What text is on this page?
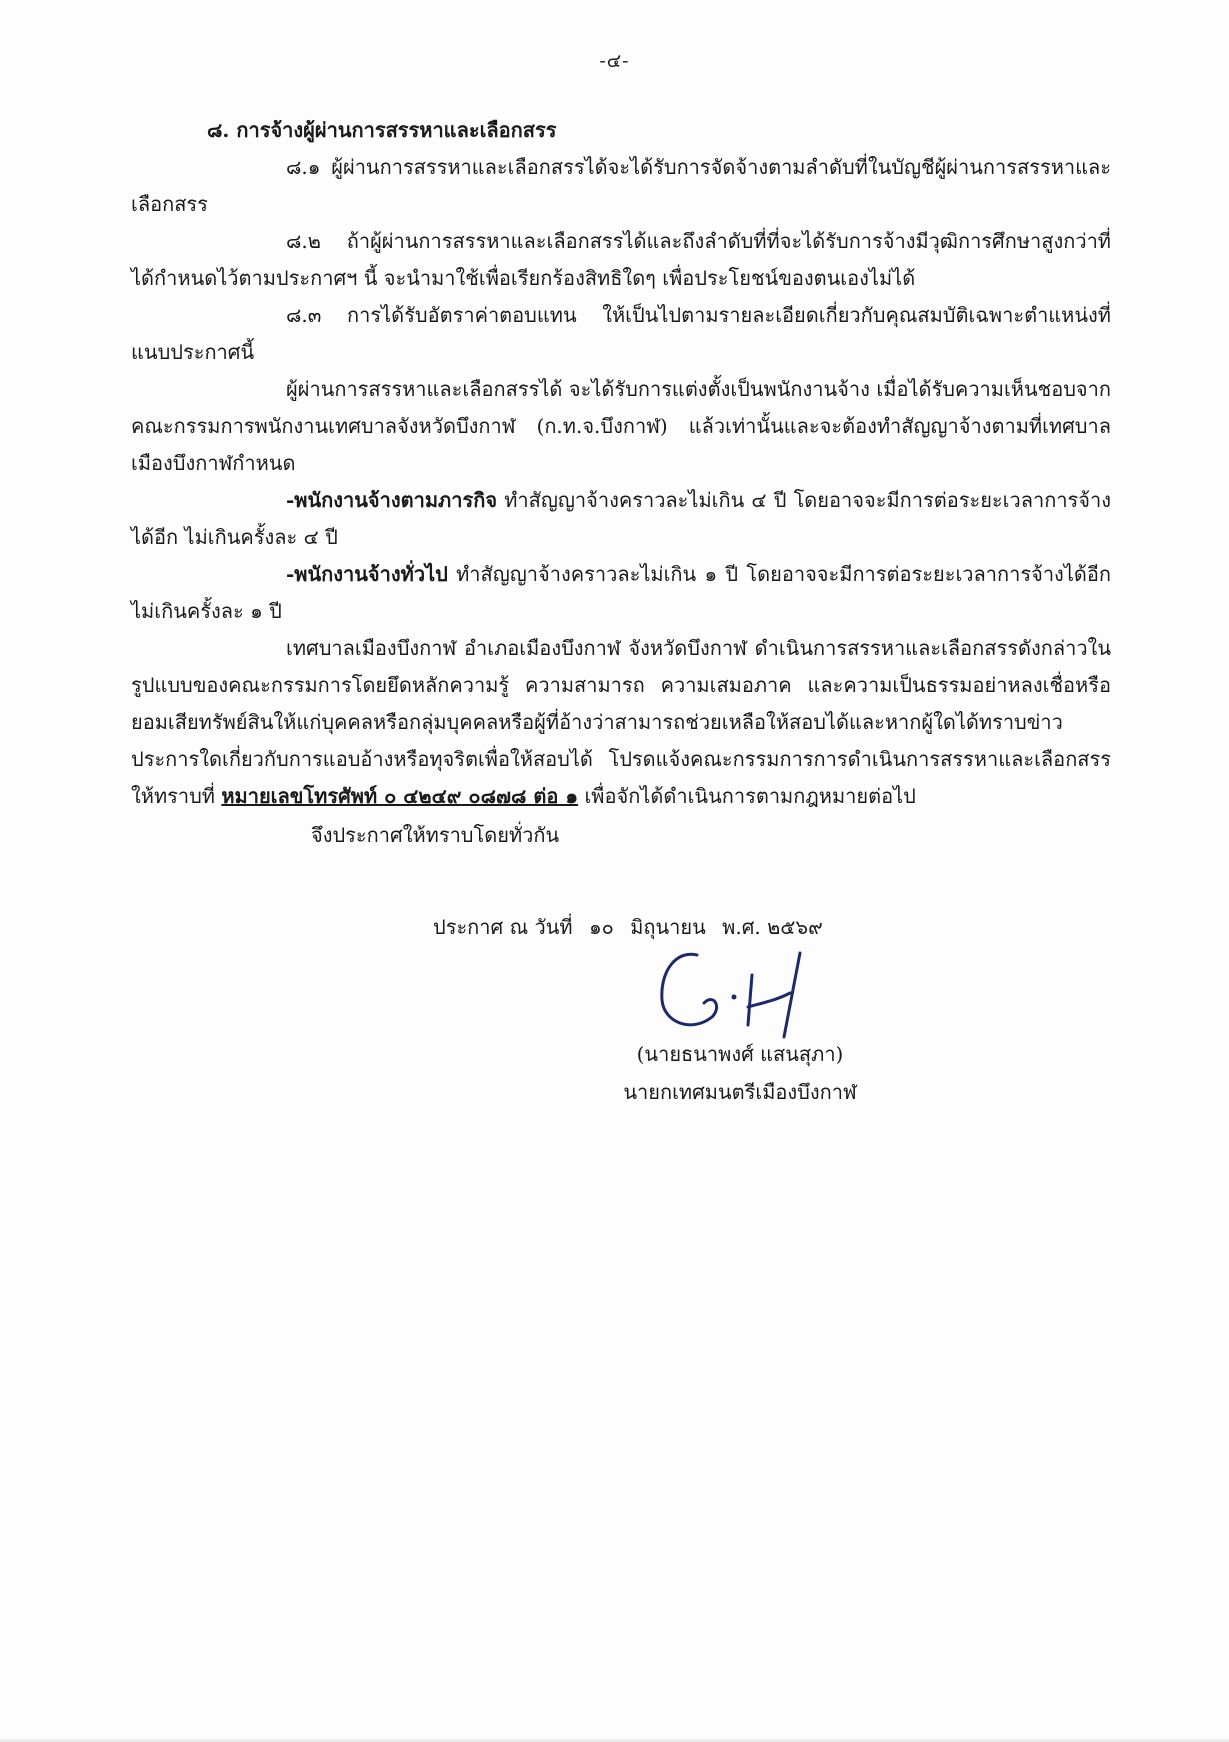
-๔-

๘. การจ้างผู้ผ่านการสรรหาและเลือกสรร

๘.๑ ผู้ผ่านการสรรหาและเลือกสรรได้จะได้รับการจัดจ้างตามลำดับที่ในบัญชีผู้ผ่านการสรรหาและเลือกสรร

๘.๒ ถ้าผู้ผ่านการสรรหาและเลือกสรรได้และถึงลำดับที่ที่จะได้รับการจ้างมีวุฒิการศึกษาสูงกว่าที่ได้กำหนดไว้ตามประกาศฯ นี้ จะนำมาใช้เพื่อเรียกร้องสิทธิใดๆ เพื่อประโยชน์ของตนเองไม่ได้

๘.๓ การได้รับอัตราค่าตอบแทน ให้เป็นไปตามรายละเอียดเกี่ยวกับคุณสมบัติเฉพาะตำแหน่งที่แนบประกาศนี้

ผู้ผ่านการสรรหาและเลือกสรรได้ จะได้รับการแต่งตั้งเป็นพนักงานจ้าง เมื่อได้รับความเห็นชอบจากคณะกรรมการพนักงานเทศบาลจังหวัดบึงกาฬ (ก.ท.จ.บึงกาฬ) แล้วเท่านั้นและจะต้องทำสัญญาจ้างตามที่เทศบาลเมืองบึงกาฬกำหนด

-พนักงานจ้างตามภารกิจ ทำสัญญาจ้างคราวละไม่เกิน ๔ ปี โดยอาจจะมีการต่อระยะเวลาการจ้างได้อีก ไม่เกินครั้งละ ๔ ปี

-พนักงานจ้างทั่วไป ทำสัญญาจ้างคราวละไม่เกิน ๑ ปี โดยอาจจะมีการต่อระยะเวลาการจ้างได้อีก ไม่เกินครั้งละ ๑ ปี

เทศบาลเมืองบึงกาฬ อำเภอเมืองบึงกาฬ จังหวัดบึงกาฬ ดำเนินการสรรหาและเลือกสรรดังกล่าวในรูปแบบของคณะกรรมการโดยยึดหลักความรู้ ความสามารถ ความเสมอภาค และความเป็นธรรมอย่าหลงเชื่อหรือยอมเสียทรัพย์สินให้แก่บุคคลหรือกลุ่มบุคคลหรือผู้ที่อ้างว่าสามารถช่วยเหลือให้สอบได้และหากผู้ใดได้ทราบข่าวประการใดเกี่ยวกับการแอบอ้างหรือทุจริตเพื่อให้สอบได้ โปรดแจ้งคณะกรรมการการดำเนินการสรรหาและเลือกสรรให้ทราบที่ หมายเลขโทรศัพท์ ๐ ๔๒๔๙ ๐๘๗๘ ต่อ ๑ เพื่อจักได้ดำเนินการตามกฎหมายต่อไป

จึงประกาศให้ทราบโดยทั่วกัน

ประกาศ ณ วันที่ ๑๐ มิถุนายน พ.ศ. ๒๕๖๙
(นายธนาพงศ์ แสนสุภา)
นายกเทศมนตรีเมืองบึงกาฬ
